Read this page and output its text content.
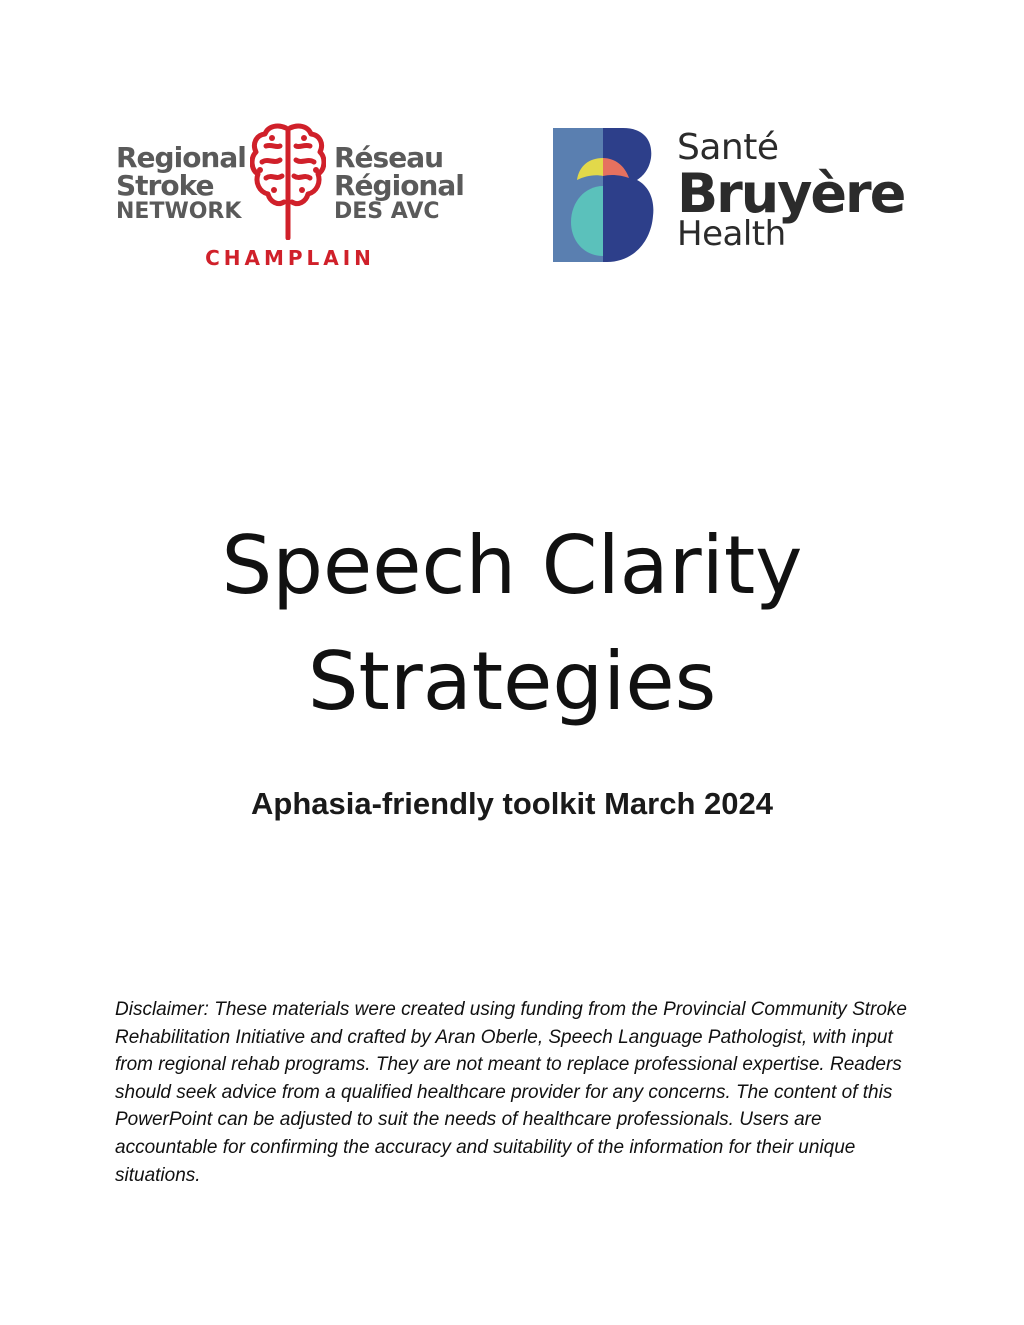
Regional
Stroke
NETWORK
Réseau
Régional
DES AVC
CHAMPLAIN
Santé
Bruyère
Health
Speech Clarity
Strategies
Aphasia-friendly toolkit March 2024

Disclaimer: These materials were created using funding from the Provincial Community Stroke Rehabilitation Initiative and crafted by Aran Oberle, Speech Language Pathologist, with input from regional rehab programs. They are not meant to replace professional expertise. Readers should seek advice from a qualified healthcare provider for any concerns. The content of this PowerPoint can be adjusted to suit the needs of healthcare professionals. Users are accountable for confirming the accuracy and suitability of the information for their unique situations.
